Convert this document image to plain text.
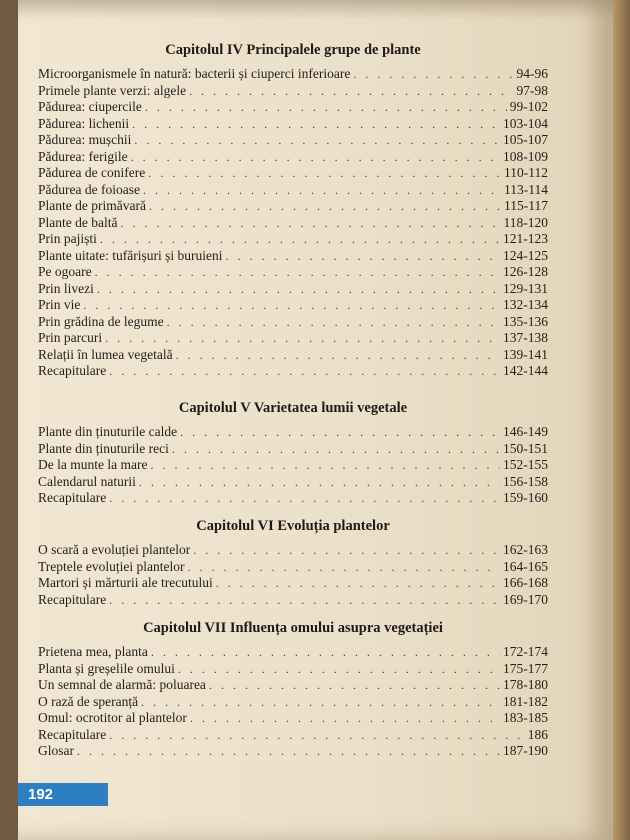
Capitolul IV Principalele grupe de plante
Microorganismele în natură: bacterii și ciuperci inferioare . . .	94-96
Primele plante verzi: algele . . .	97-98
Pădurea: ciupercile . . .	99-102
Pădurea: lichenii . . .	103-104
Pădurea: mușchii . . .	105-107
Pădurea: ferigile . . .	108-109
Pădurea de conifere . . .	110-112
Pădurea de foioase . . .	113-114
Plante de primăvară . . .	115-117
Plante de baltă . . .	118-120
Prin pajiști . . .	121-123
Plante uitate: tufărișuri și buruieni . . .	124-125
Pe ogoare . . .	126-128
Prin livezi . . .	129-131
Prin vie . . .	132-134
Prin grădina de legume . . .	135-136
Prin parcuri . . .	137-138
Relații în lumea vegetală . . .	139-141
Recapitulare . . .	142-144
Capitolul V Varietatea lumii vegetale
Plante din ținuturile calde . . .	146-149
Plante din ținuturile reci . . .	150-151
De la munte la mare . . .	152-155
Calendarul naturii . . .	156-158
Recapitulare . . .	159-160
Capitolul VI Evoluția plantelor
O scară a evoluției plantelor . . .	162-163
Treptele evoluției plantelor . . .	164-165
Martori și mărturii ale trecutului . . .	166-168
Recapitulare . . .	169-170
Capitolul VII Influența omului asupra vegetației
Prietena mea, planta . . .	172-174
Planta și greșelile omului . . .	175-177
Un semnal de alarmă: poluarea . . .	178-180
O rază de speranță . . .	181-182
Omul: ocrotitor al plantelor . . .	183-185
Recapitulare . . .	186
Glosar . . .	187-190
192
